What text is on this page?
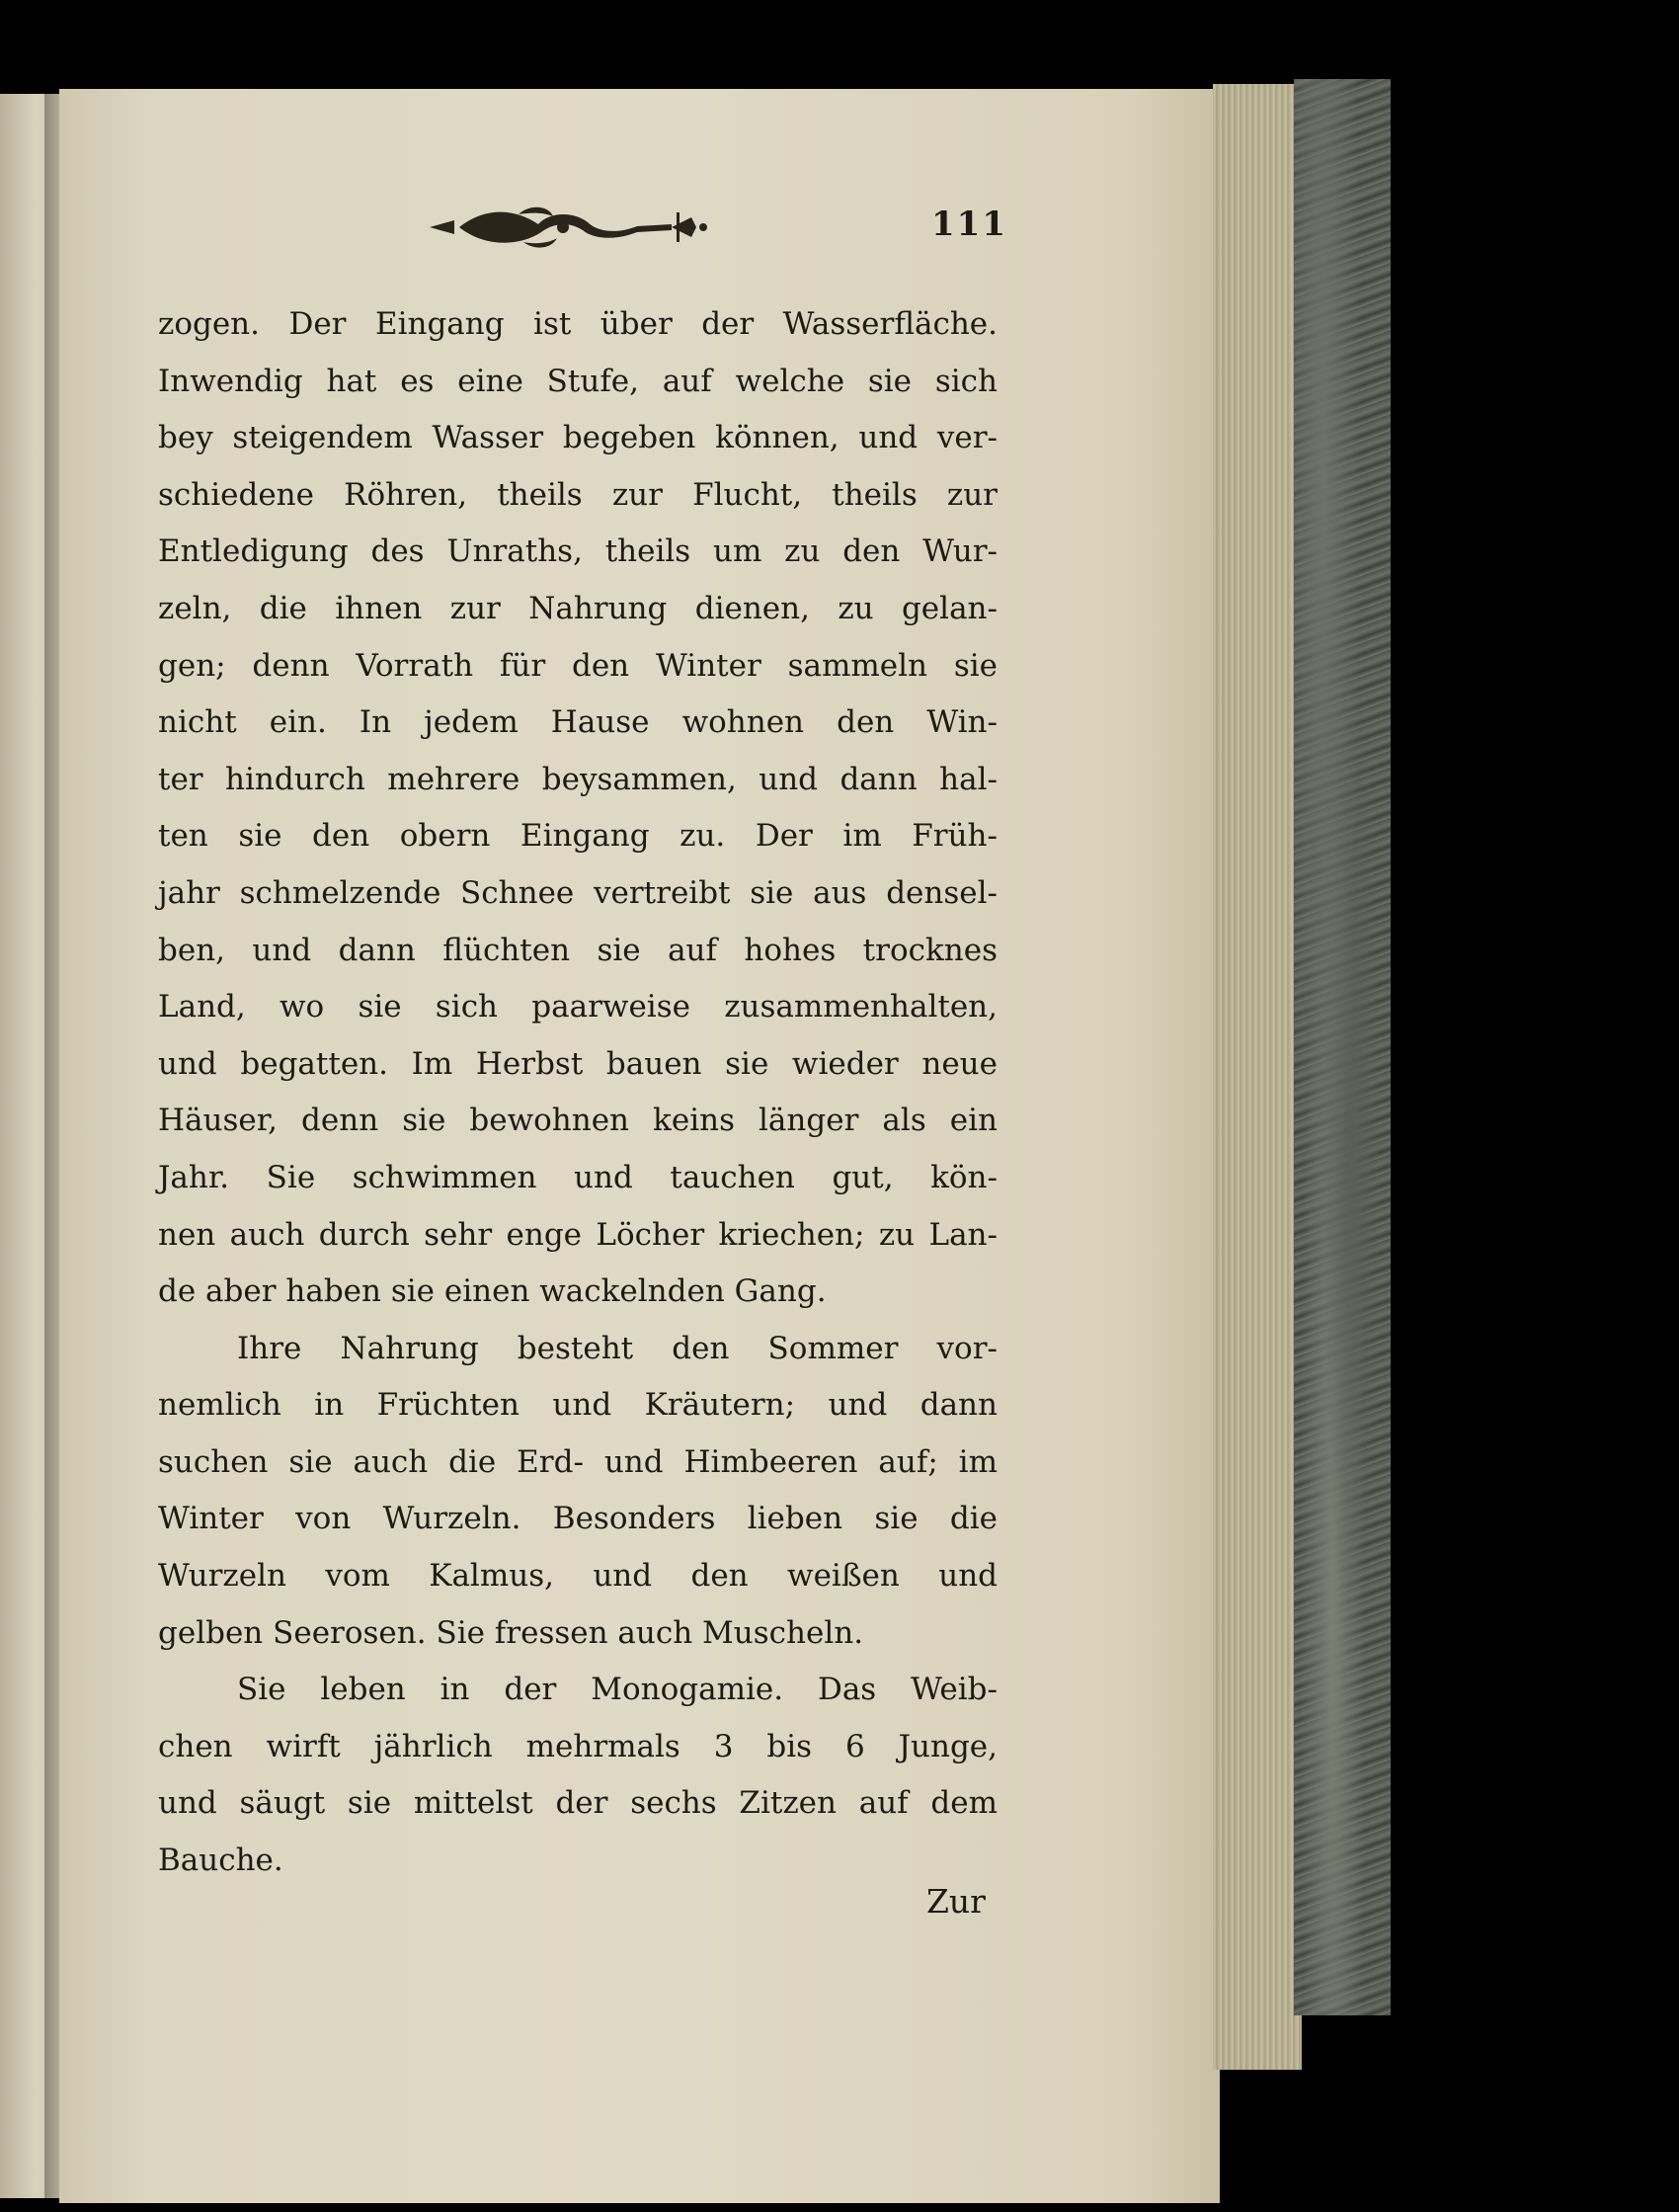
111
zogen. Der Eingang ist über der Wasserfläche.
Inwendig hat es eine Stufe, auf welche sie sich
bey steigendem Wasser begeben können, und ver-
schiedene Röhren, theils zur Flucht, theils zur
Entledigung des Unraths, theils um zu den Wur-
zeln, die ihnen zur Nahrung dienen, zu gelan-
gen; denn Vorrath für den Winter sammeln sie
nicht ein. In jedem Hause wohnen den Win-
ter hindurch mehrere beysammen, und dann hal-
ten sie den obern Eingang zu. Der im Früh-
jahr schmelzende Schnee vertreibt sie aus densel-
ben, und dann flüchten sie auf hohes trocknes
Land, wo sie sich paarweise zusammenhalten,
und begatten. Im Herbst bauen sie wieder neue
Häuser, denn sie bewohnen keins länger als ein
Jahr. Sie schwimmen und tauchen gut, kön-
nen auch durch sehr enge Löcher kriechen; zu Lan-
de aber haben sie einen wackelnden Gang.
Ihre Nahrung besteht den Sommer vor-
nemlich in Früchten und Kräutern; und dann
suchen sie auch die Erd- und Himbeeren auf; im
Winter von Wurzeln. Besonders lieben sie die
Wurzeln vom Kalmus, und den weißen und
gelben Seerosen. Sie fressen auch Muscheln.
Sie leben in der Monogamie. Das Weib-
chen wirft jährlich mehrmals 3 bis 6 Junge,
und säugt sie mittelst der sechs Zitzen auf dem
Bauche.
Zur
